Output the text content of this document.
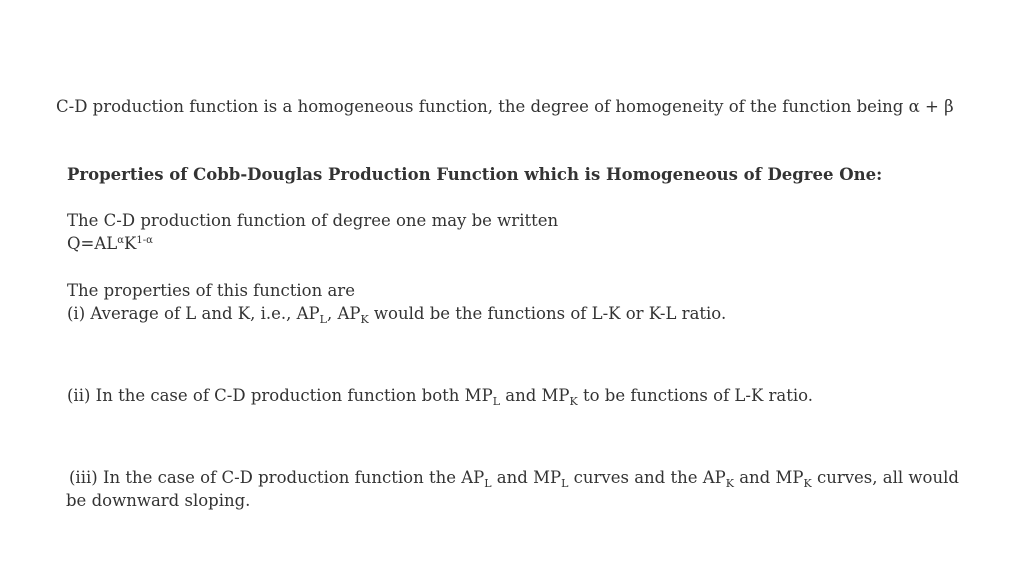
C-D production function is a homogeneous function, the degree of homogeneity of the function being α + β
Properties of Cobb-Douglas Production Function which is Homogeneous of Degree One:
The C-D production function of degree one may be written
$Q=AL^\alpha K^{1-\alpha}$
The properties of this function are
(i) Average of L and K, i.e., $AP_L$, $AP_K$ would be the functions of L-K or K-L ratio.
(ii) In the case of C-D production function both $MP_L$ and $MP_K$ to be functions of L-K ratio.
(iii) In the case of C-D production function the $AP_L$ and $MP_L$ curves and the $AP_K$ and $MP_K$ curves, all would
be downward sloping.
